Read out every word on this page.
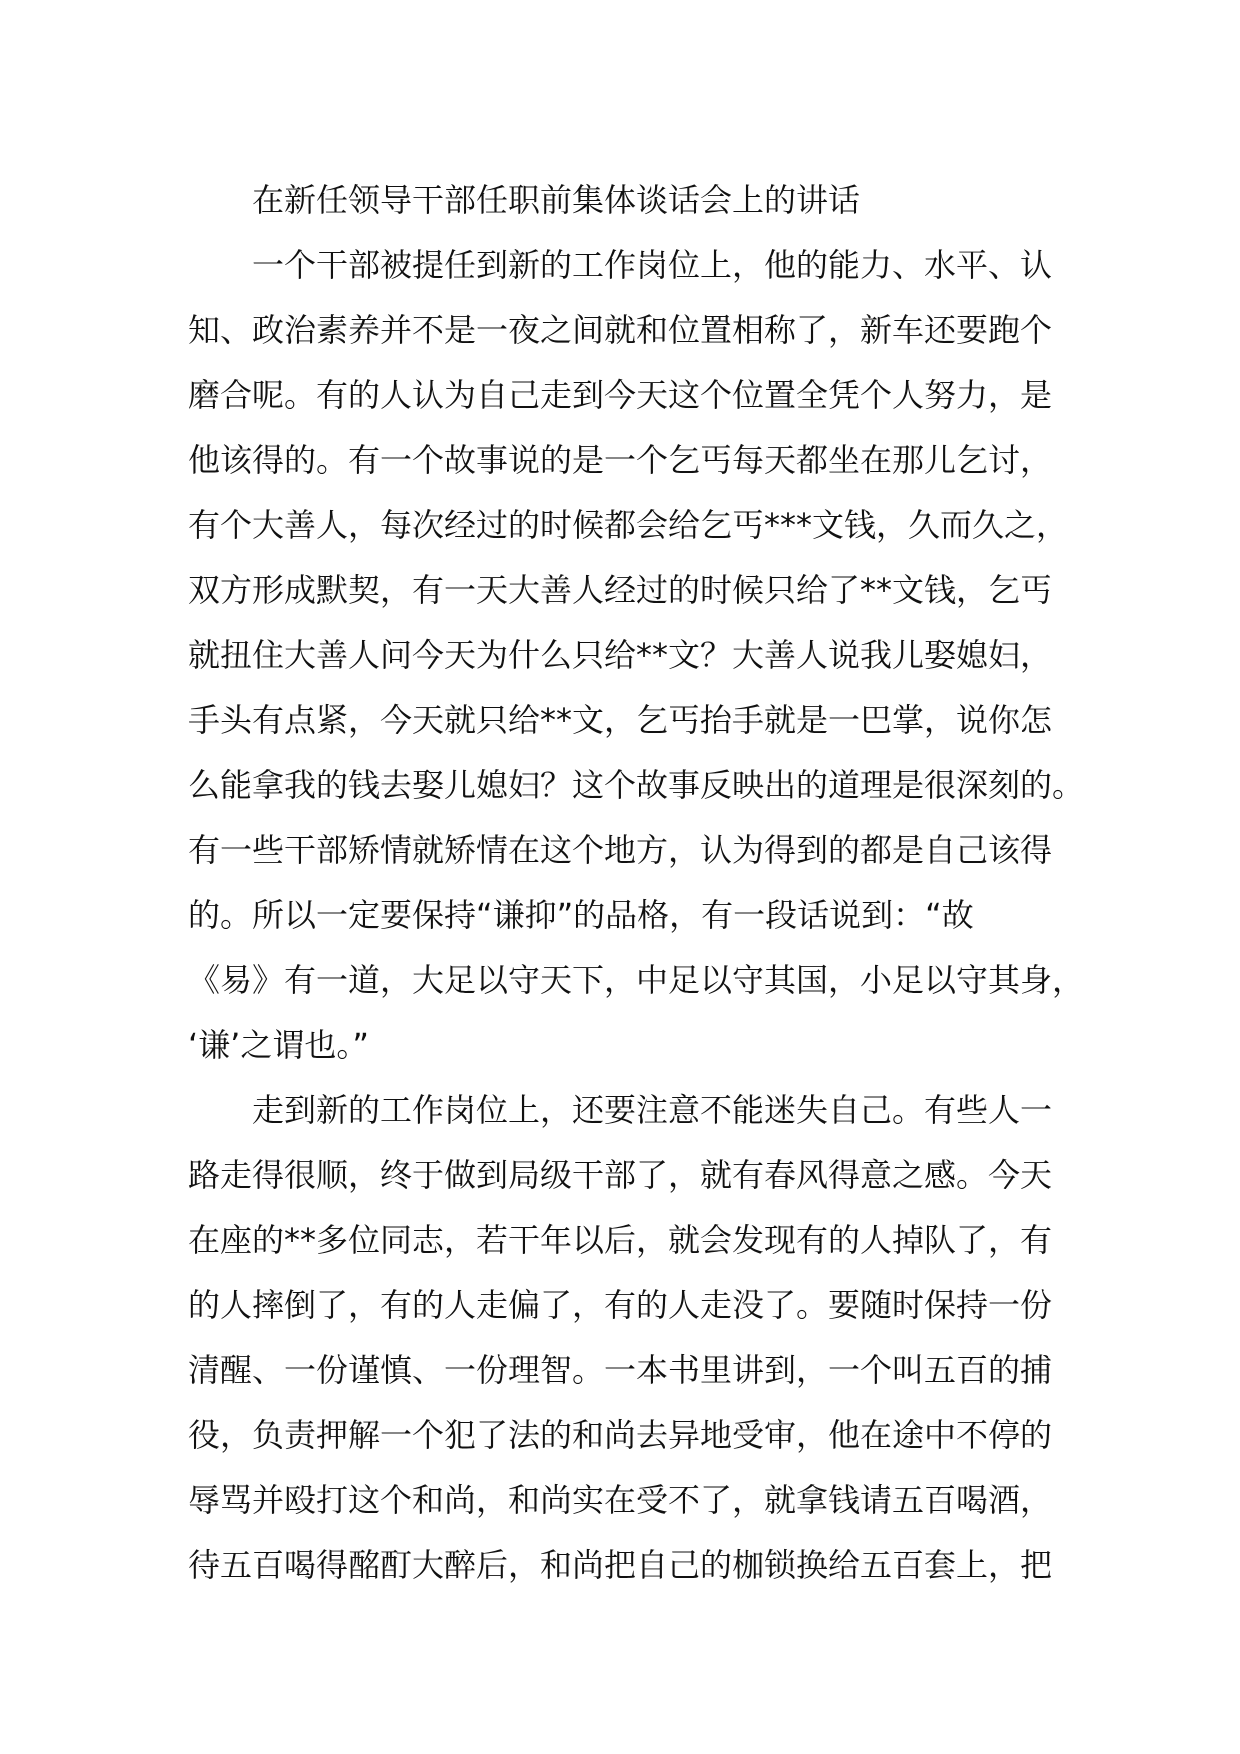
在新任领导干部任职前集体谈话会上的讲话
一个干部被提任到新的工作岗位上，他的能力、水平、认
知、政治素养并不是一夜之间就和位置相称了，新车还要跑个
磨合呢。有的人认为自己走到今天这个位置全凭个人努力，是
他该得的。有一个故事说的是一个乞丐每天都坐在那儿乞讨，
有个大善人，每次经过的时候都会给乞丐***文钱，久而久之，
双方形成默契，有一天大善人经过的时候只给了**文钱，乞丐
就扭住大善人问今天为什么只给**文？大善人说我儿娶媳妇，
手头有点紧，今天就只给**文，乞丐抬手就是一巴掌，说你怎
么能拿我的钱去娶儿媳妇？这个故事反映出的道理是很深刻的。
有一些干部矫情就矫情在这个地方，认为得到的都是自己该得
的。所以一定要保持“谦抑”的品格，有一段话说到：“故
《易》有一道，大足以守天下，中足以守其国，小足以守其身，
‘谦’之谓也。”
走到新的工作岗位上，还要注意不能迷失自己。有些人一
路走得很顺，终于做到局级干部了，就有春风得意之感。今天
在座的**多位同志，若干年以后，就会发现有的人掉队了，有
的人摔倒了，有的人走偏了，有的人走没了。要随时保持一份
清醒、一份谨慎、一份理智。一本书里讲到，一个叫五百的捕
役，负责押解一个犯了法的和尚去异地受审，他在途中不停的
辱骂并殴打这个和尚，和尚实在受不了，就拿钱请五百喝酒，
待五百喝得酩酊大醉后，和尚把自己的枷锁换给五百套上，把
